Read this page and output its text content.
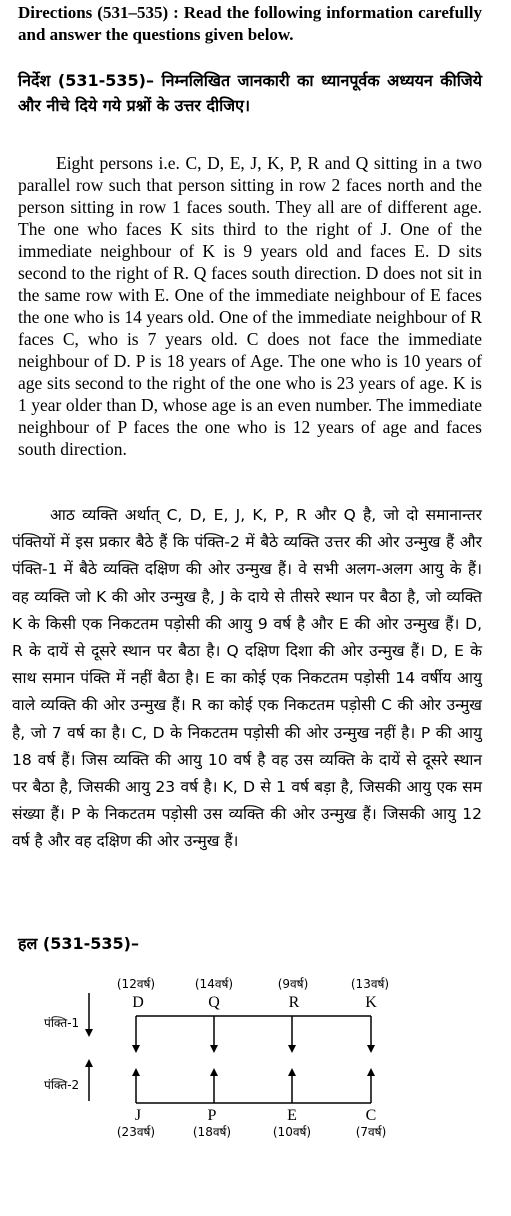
Directions (531–535) : Read the following information carefully and answer the questions given below.
निर्देश (531-535)– निम्नलिखित जानकारी का ध्यानपूर्वक अध्ययन कीजिये और नीचे दिये गये प्रश्नों के उत्तर दीजिए।
Eight persons i.e. C, D, E, J, K, P, R and Q sitting in a two parallel row such that person sitting in row 2 faces north and the person sitting in row 1 faces south. They all are of different age. The one who faces K sits third to the right of J. One of the immediate neighbour of K is 9 years old and faces E. D sits second to the right of R. Q faces south direction. D does not sit in the same row with E. One of the immediate neighbour of E faces the one who is 14 years old. One of the immediate neighbour of R faces C, who is 7 years old. C does not face the immediate neighbour of D. P is 18 years of Age. The one who is 10 years of age sits second to the right of the one who is 23 years of age. K is 1 year older than D, whose age is an even number. The immediate neighbour of P faces the one who is 12 years of age and faces south direction.
आठ व्यक्ति अर्थात् C, D, E, J, K, P, R और Q है, जो दो समानान्तर पंक्तियों में इस प्रकार बैठे हैं कि पंक्ति-2 में बैठे व्यक्ति उत्तर की ओर उन्मुख हैं और पंक्ति-1 में बैठे व्यक्ति दक्षिण की ओर उन्मुख हैं। वे सभी अलग-अलग आयु के हैं। वह व्यक्ति जो K की ओर उन्मुख है, J के दाये से तीसरे स्थान पर बैठा है, जो व्यक्ति K के किसी एक निकटतम पड़ोसी की आयु 9 वर्ष है और E की ओर उन्मुख हैं। D, R के दायें से दूसरे स्थान पर बैठा है। Q दक्षिण दिशा की ओर उन्मुख हैं। D, E के साथ समान पंक्ति में नहीं बैठा है। E का कोई एक निकटतम पड़ोसी 14 वर्षीय आयु वाले व्यक्ति की ओर उन्मुख हैं। R का कोई एक निकटतम पड़ोसी C की ओर उन्मुख है, जो 7 वर्ष का है। C, D के निकटतम पड़ोसी की ओर उन्मुख नहीं है। P की आयु 18 वर्ष हैं। जिस व्यक्ति की आयु 10 वर्ष है वह उस व्यक्ति के दायें से दूसरे स्थान पर बैठा है, जिसकी आयु 23 वर्ष है। K, D से 1 वर्ष बड़ा है, जिसकी आयु एक सम संख्या हैं। P के निकटतम पड़ोसी उस व्यक्ति की ओर उन्मुख हैं। जिसकी आयु 12 वर्ष है और वह दक्षिण की ओर उन्मुख हैं।
हल (531-535)–
पंक्ति-1
पंक्ति-2
(12वर्ष)
D
(14वर्ष)
Q
(9वर्ष)
R
(13वर्ष)
K
J
(23वर्ष)
P
(18वर्ष)
E
(10वर्ष)
C
(7वर्ष)
